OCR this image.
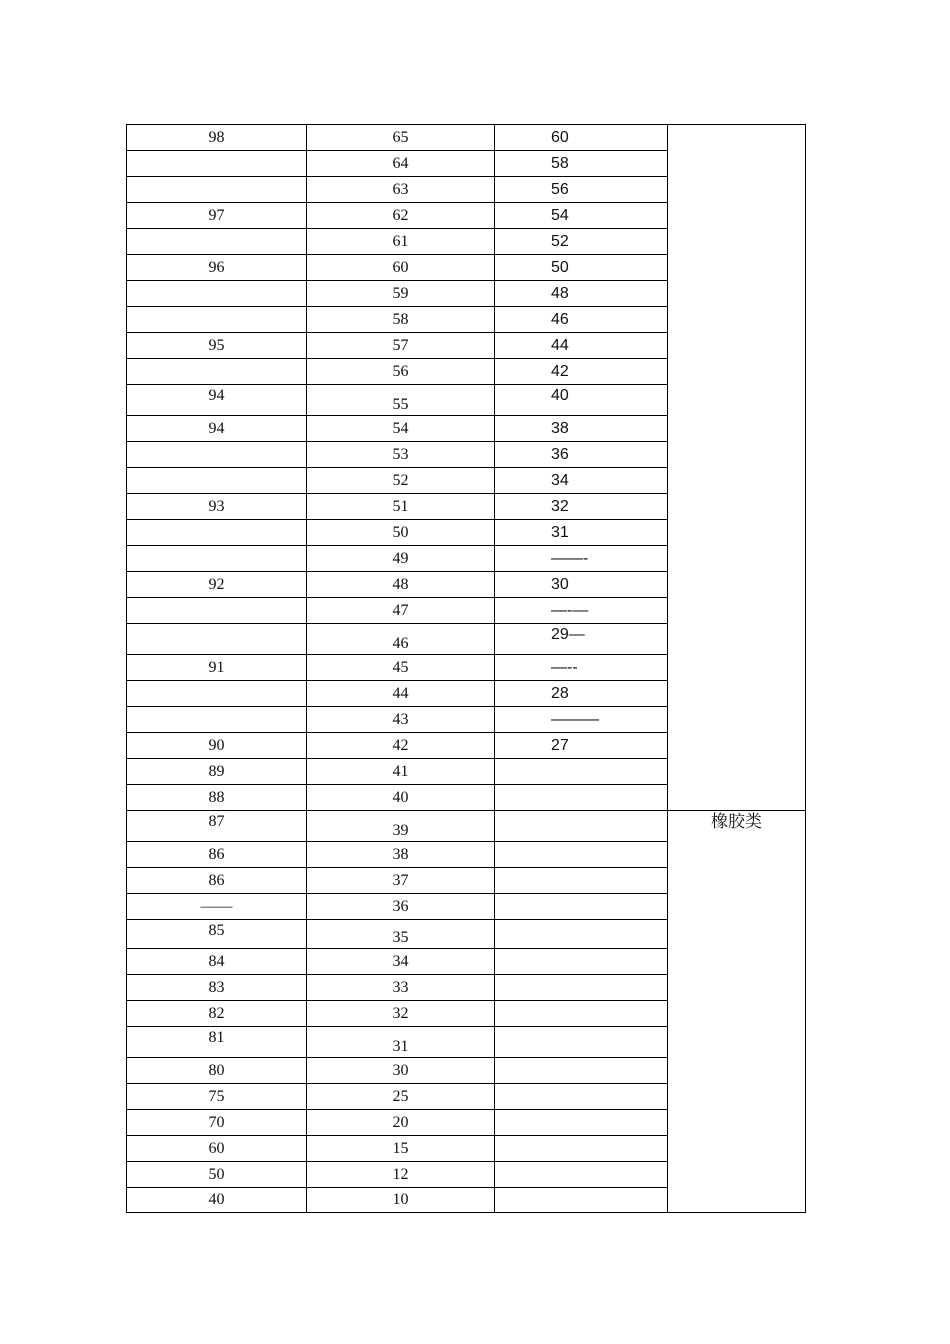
98	65	60	
	64	58	
	63	56	
97	62	54	
	61	52	
96	60	50	
	59	48	
	58	46	
95	57	44	
	56	42	
94	55	40	
94	54	38	
	53	36	
	52	34	
93	51	32	
	50	31	
	49	——-	
92	48	30	
	47	—-—	
	46	29—	
91	45	—--	
	44	28	
	43	———	
90	42	27	
89	41		
88	40		
87	39		橡胶类

86	38		
86	37		
——	36		
85	35		
84	34		
83	33		
82	32		
81	31		
80	30		
75	25		
70	20		
60	15		
50	12		
40	10		
